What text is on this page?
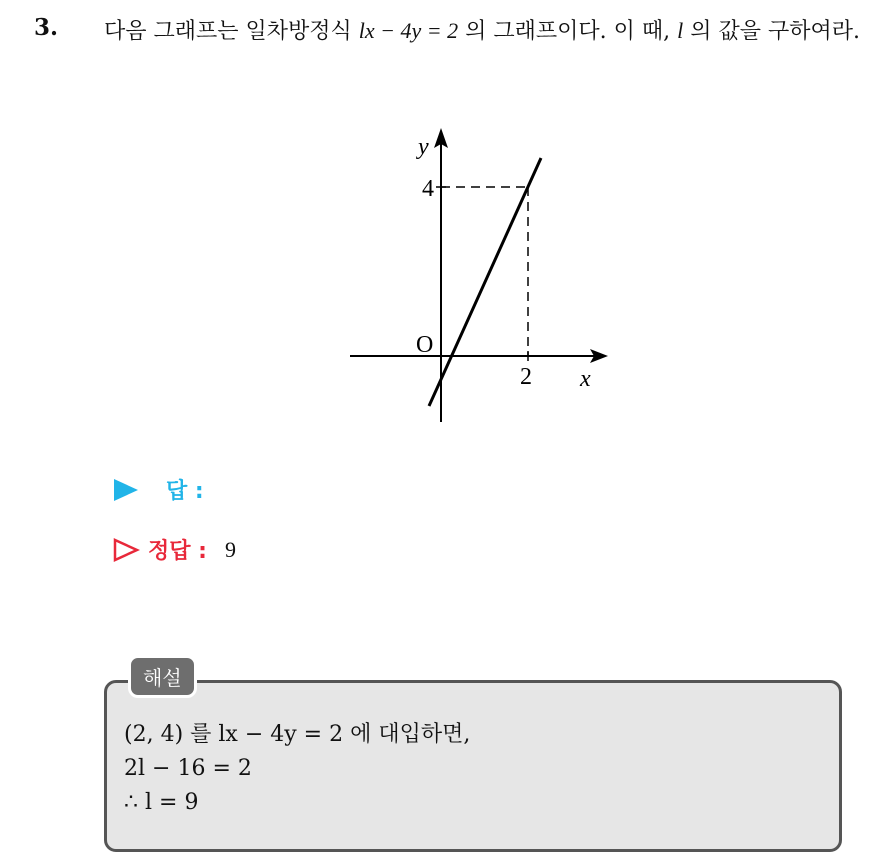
3. 다음 그래프는 일차방정식 lx − 4y = 2 의 그래프이다. 이 때, l 의 값을 구하여라.
y
x
O
4
2
답 :
정답 : 9
해설
(2, 4) 를 lx − 4y = 2 에 대입하면,
2l − 16 = 2
∴ l = 9
